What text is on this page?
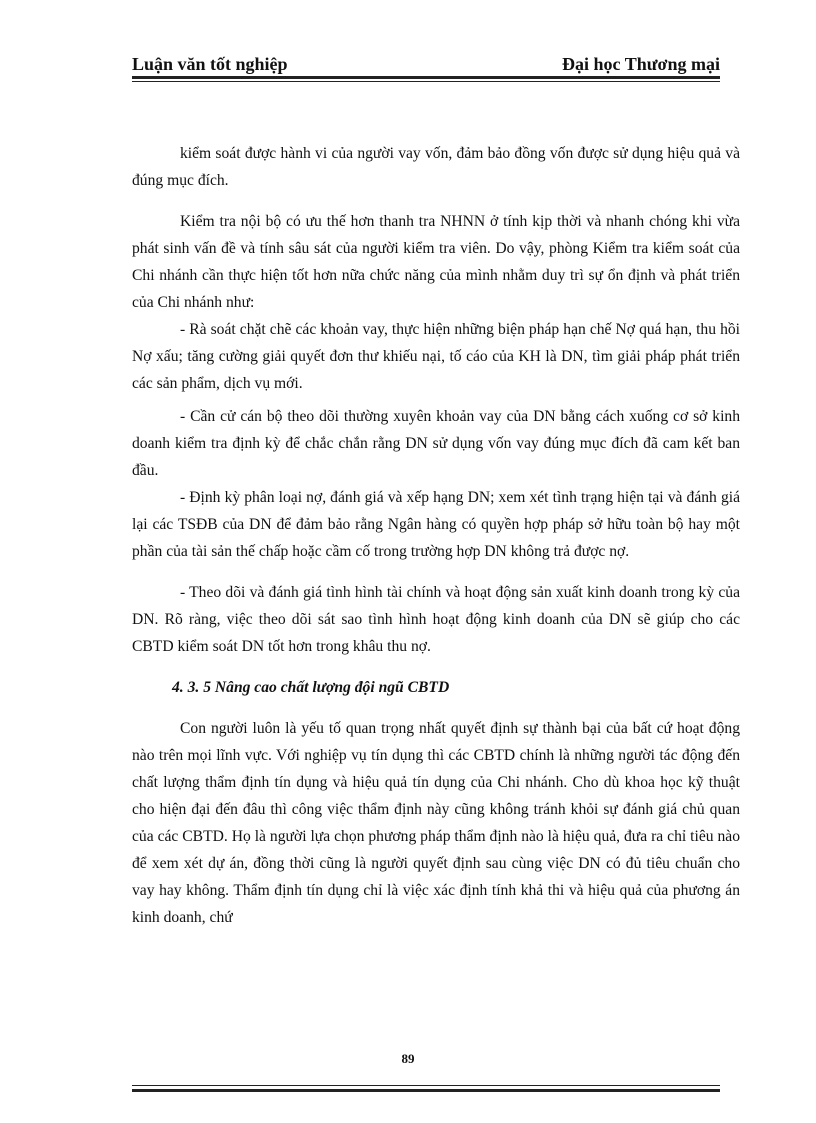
Luận văn tốt nghiệp	Đại học Thương mại

kiểm soát được hành vi của người vay vốn, đảm bảo đồng vốn được sử dụng hiệu quả và đúng mục đích.

Kiểm tra nội bộ có ưu thế hơn thanh tra NHNN ở tính kịp thời và nhanh chóng khi vừa phát sinh vấn đề và tính sâu sát của người kiểm tra viên. Do vậy, phòng Kiểm tra kiểm soát của Chi nhánh cần thực hiện tốt hơn nữa chức năng của mình nhằm duy trì sự ổn định và phát triển của Chi nhánh như:

- Rà soát chặt chẽ các khoản vay, thực hiện những biện pháp hạn chế Nợ quá hạn, thu hồi Nợ xấu; tăng cường giải quyết đơn thư khiếu nại, tố cáo của KH là DN, tìm giải pháp phát triển các sản phẩm, dịch vụ mới.

- Cần cử cán bộ theo dõi thường xuyên khoản vay của DN bằng cách xuống cơ sở kinh doanh kiểm tra định kỳ để chắc chắn rằng DN sử dụng vốn vay đúng mục đích đã cam kết ban đầu.

- Định kỳ phân loại nợ, đánh giá và xếp hạng DN; xem xét tình trạng hiện tại và đánh giá lại các TSĐB của DN để đảm bảo rằng Ngân hàng có quyền hợp pháp sở hữu toàn bộ hay một phần của tài sản thế chấp hoặc cầm cố trong trường hợp DN không trả được nợ.

- Theo dõi và đánh giá tình hình tài chính và hoạt động sản xuất kinh doanh trong kỳ của DN. Rõ ràng, việc theo dõi sát sao tình hình hoạt động kinh doanh của DN sẽ giúp cho các CBTD kiểm soát DN tốt hơn trong khâu thu nợ.

4. 3. 5 Nâng cao chất lượng đội ngũ CBTD

Con người luôn là yếu tố quan trọng nhất quyết định sự thành bại của bất cứ hoạt động nào trên mọi lĩnh vực. Với nghiệp vụ tín dụng thì các CBTD chính là những người tác động đến chất lượng thẩm định tín dụng và hiệu quả tín dụng của Chi nhánh. Cho dù khoa học kỹ thuật cho hiện đại đến đâu thì công việc thẩm định này cũng không tránh khỏi sự đánh giá chủ quan của các CBTD. Họ là người lựa chọn phương pháp thẩm định nào là hiệu quả, đưa ra chỉ tiêu nào để xem xét dự án, đồng thời cũng là người quyết định sau cùng việc DN có đủ tiêu chuẩn cho vay hay không. Thẩm định tín dụng chỉ là việc xác định tính khả thi và hiệu quả của phương án kinh doanh, chứ

89
